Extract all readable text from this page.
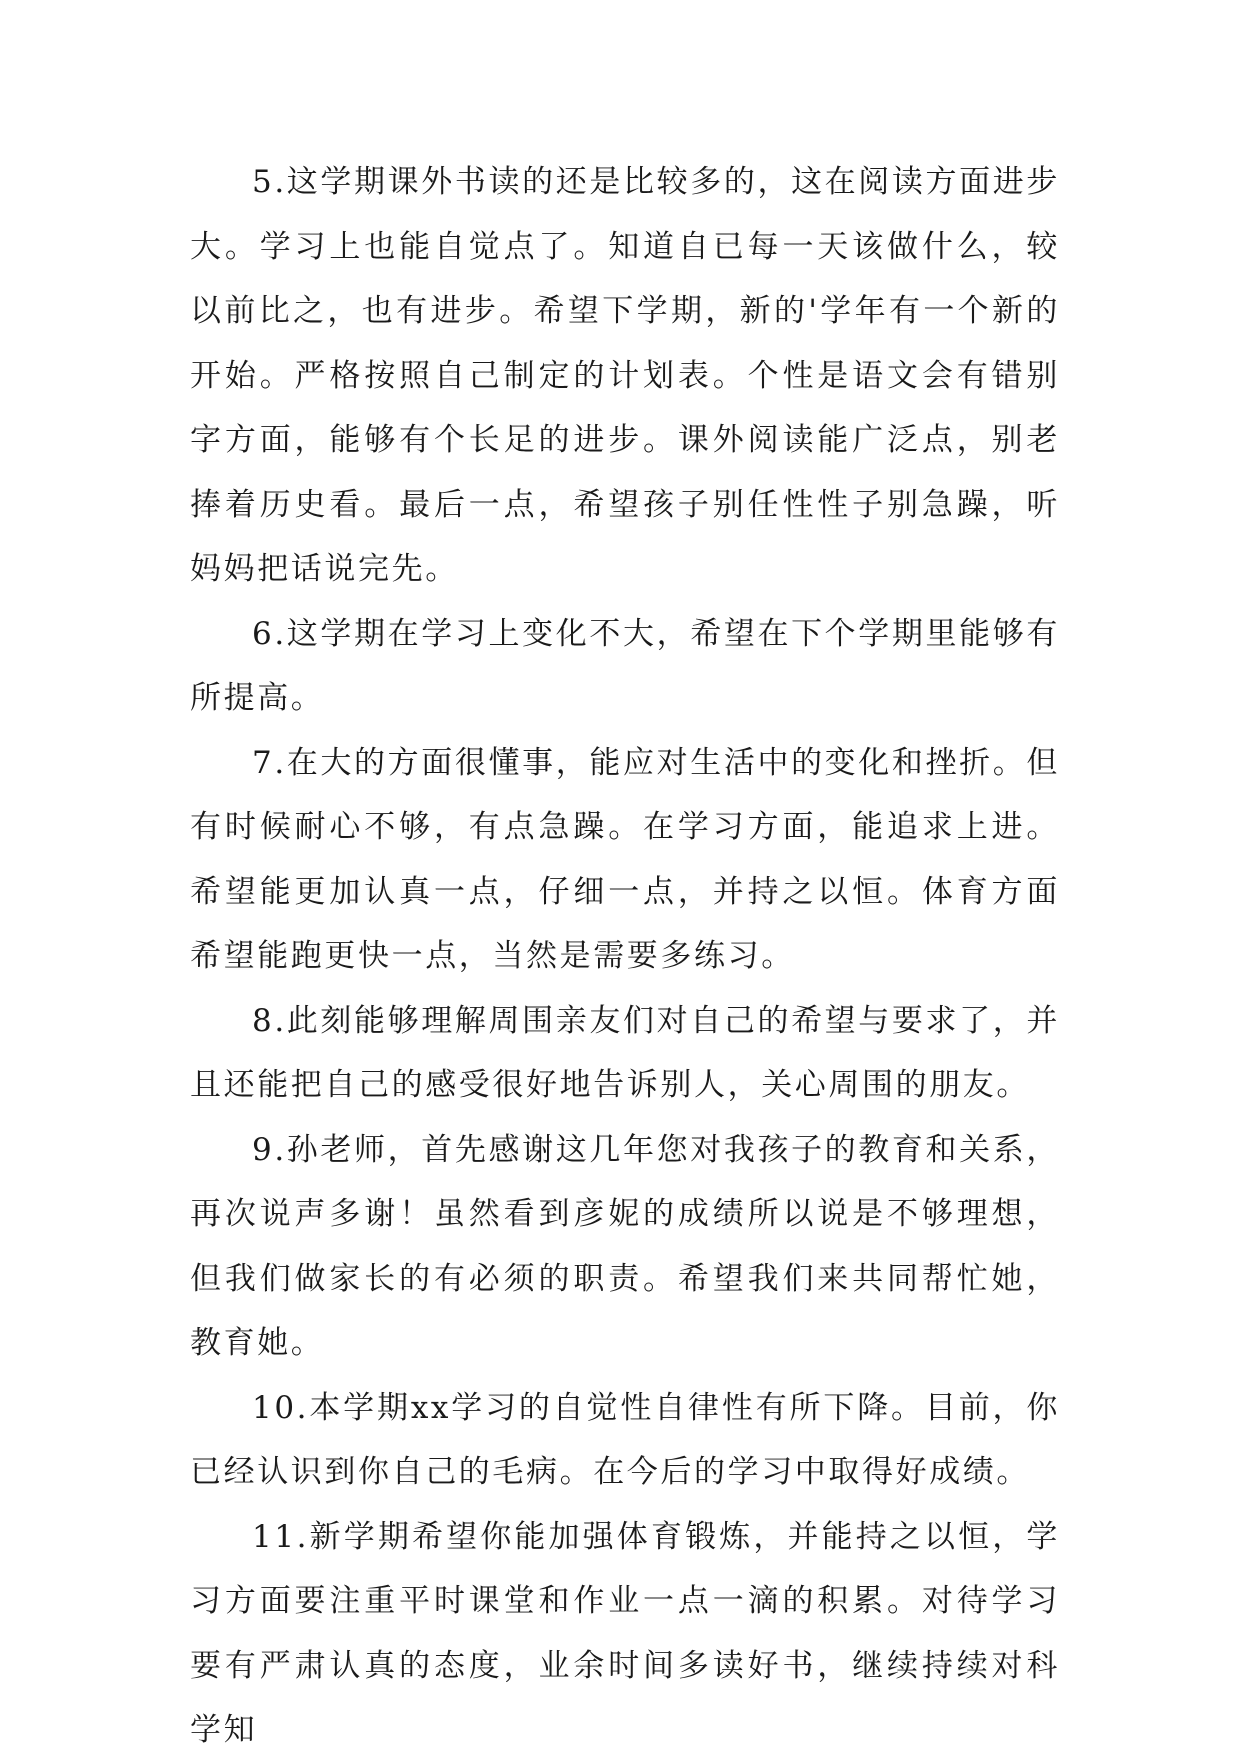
5.这学期课外书读的还是比较多的，这在阅读方面进步大。学习上也能自觉点了。知道自已每一天该做什么，较以前比之，也有进步。希望下学期，新的'学年有一个新的开始。严格按照自己制定的计划表。个性是语文会有错别字方面，能够有个长足的进步。课外阅读能广泛点，别老捧着历史看。最后一点，希望孩子别任性性子别急躁，听妈妈把话说完先。

6.这学期在学习上变化不大，希望在下个学期里能够有所提高。

7.在大的方面很懂事，能应对生活中的变化和挫折。但有时候耐心不够，有点急躁。在学习方面，能追求上进。希望能更加认真一点，仔细一点，并持之以恒。体育方面希望能跑更快一点，当然是需要多练习。

8.此刻能够理解周围亲友们对自己的希望与要求了，并且还能把自己的感受很好地告诉别人，关心周围的朋友。

9.孙老师，首先感谢这几年您对我孩子的教育和关系，再次说声多谢！虽然看到彦妮的成绩所以说是不够理想，但我们做家长的有必须的职责。希望我们来共同帮忙她，教育她。

10.本学期xx学习的自觉性自律性有所下降。目前，你已经认识到你自己的毛病。在今后的学习中取得好成绩。

11.新学期希望你能加强体育锻炼，并能持之以恒，学习方面要注重平时课堂和作业一点一滴的积累。对待学习要有严肃认真的态度，业余时间多读好书，继续持续对科学知
